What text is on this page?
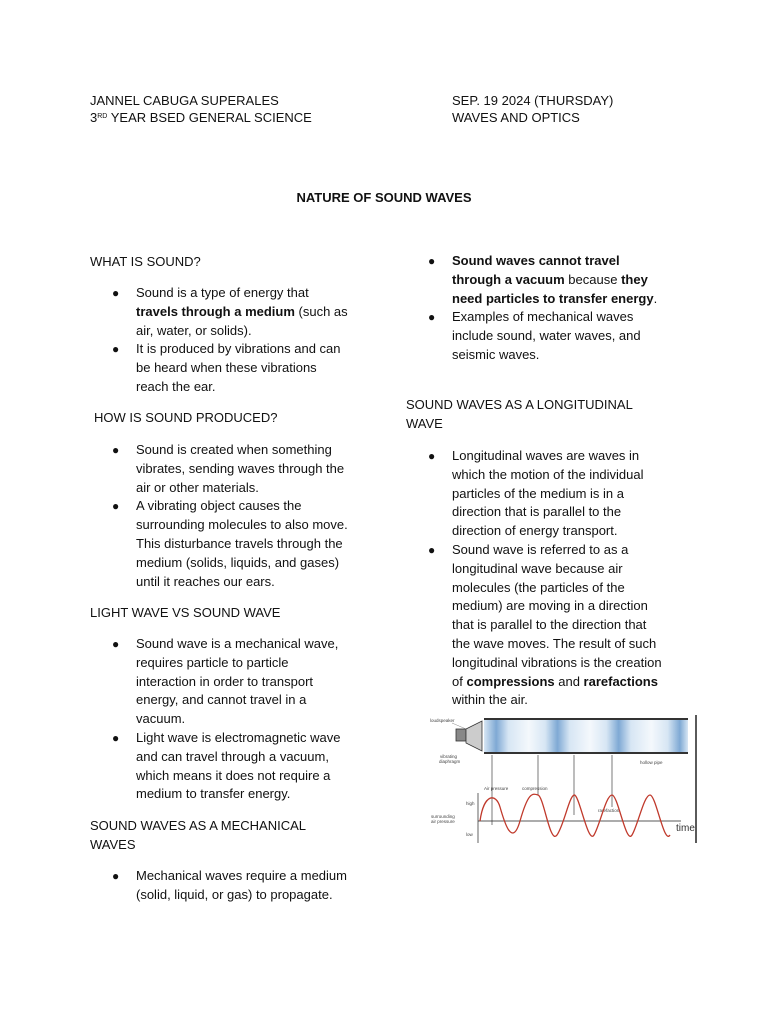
JANNEL CABUGA SUPERALES
3RD YEAR BSED GENERAL SCIENCE
SEP. 19 2024 (THURSDAY)
WAVES AND OPTICS
NATURE OF SOUND WAVES
WHAT IS SOUND?
● Sound is a type of energy that
travels through a medium (such as
air, water, or solids).
● It is produced by vibrations and can
be heard when these vibrations
reach the ear.
HOW IS SOUND PRODUCED?
● Sound is created when something
vibrates, sending waves through the
air or other materials.
● A vibrating object causes the
surrounding molecules to also move.
This disturbance travels through the
medium (solids, liquids, and gases)
until it reaches our ears.
LIGHT WAVE VS SOUND WAVE
● Sound wave is a mechanical wave,
requires particle to particle
interaction in order to transport
energy, and cannot travel in a
vacuum.
● Light wave is electromagnetic wave
and can travel through a vacuum,
which means it does not require a
medium to transfer energy.
SOUND WAVES AS A MECHANICAL
WAVES
● Mechanical waves require a medium
(solid, liquid, or gas) to propagate.
● Sound waves cannot travel
through a vacuum because they
need particles to transfer energy.
● Examples of mechanical waves
include sound, water waves, and
seismic waves.
SOUND WAVES AS A LONGITUDINAL
WAVE
● Longitudinal waves are waves in
which the motion of the individual
particles of the medium is in a
direction that is parallel to the
direction of energy transport.
● Sound wave is referred to as a
longitudinal wave because air
molecules (the particles of the
medium) are moving in a direction
that is parallel to the direction that
the wave moves. The result of such
longitudinal vibrations is the creation
of compressions and rarefactions
within the air.
loudspeaker
vibrating
diaphragm	hollow pipe
Air pressure	compression
rarefaction
high
surrounding
air pressure
low
time
